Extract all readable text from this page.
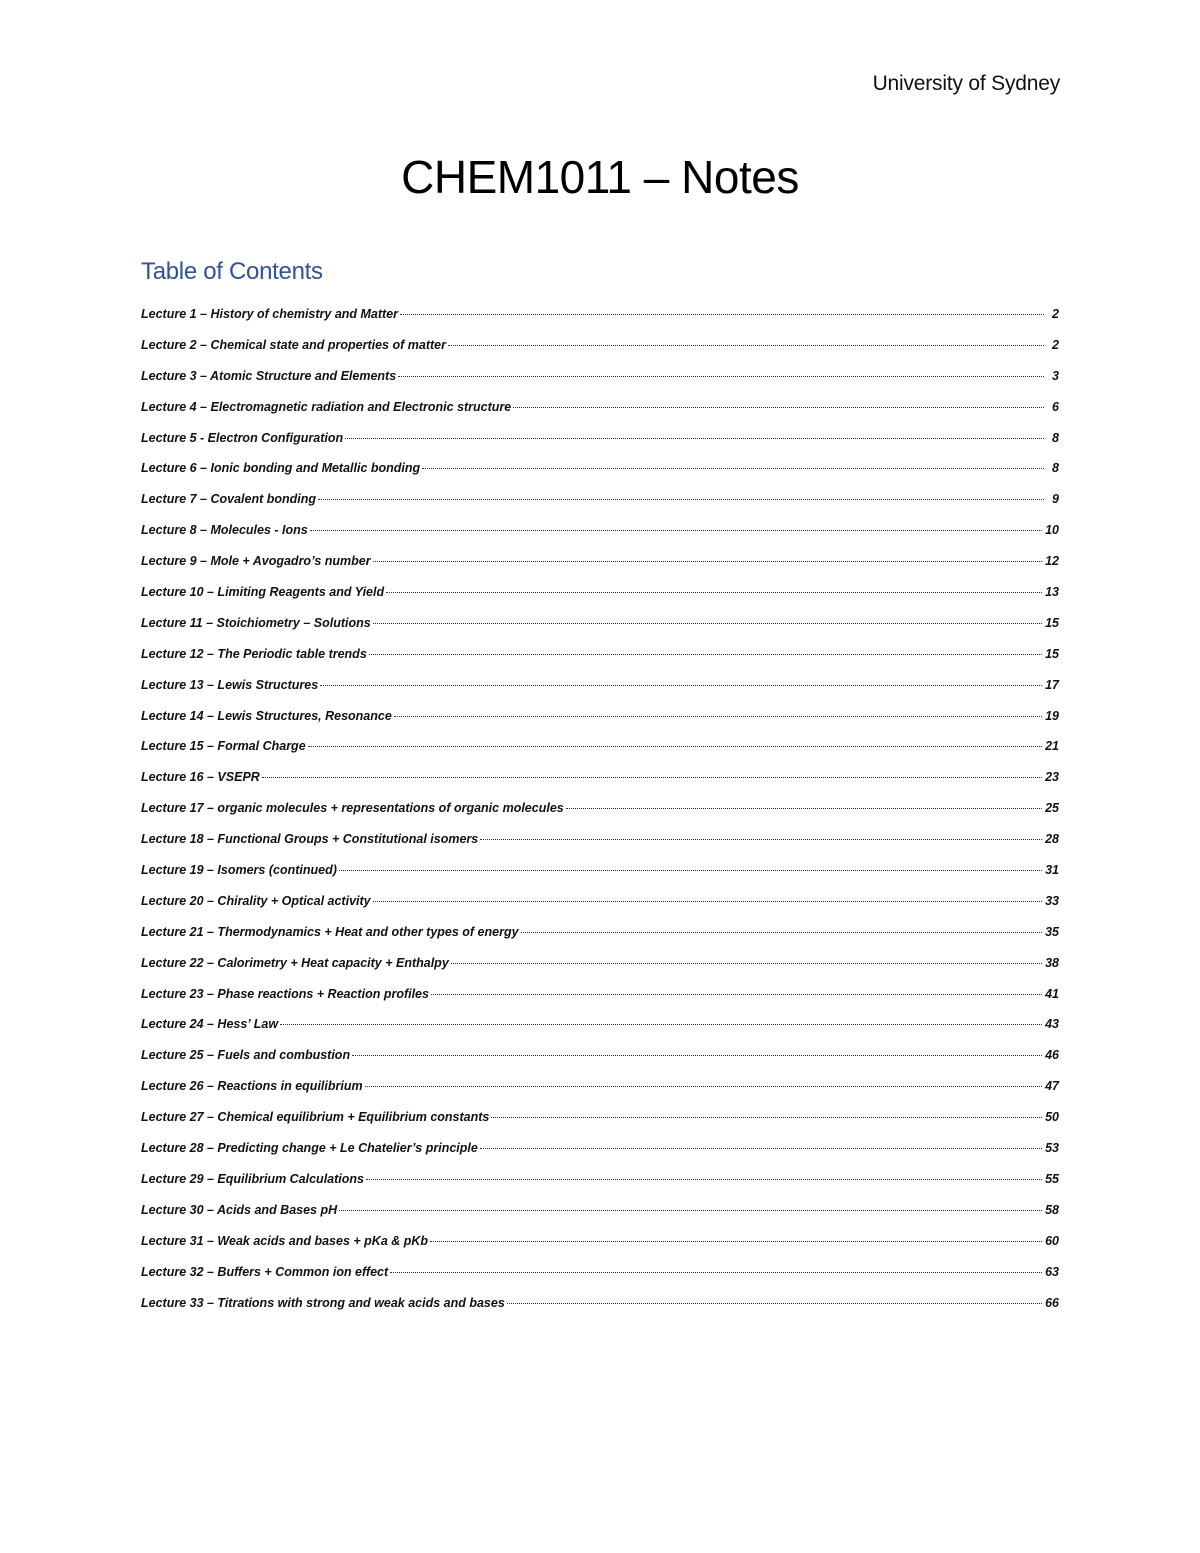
University of Sydney
CHEM1011 – Notes
Table of Contents
Lecture 1 – History of chemistry and Matter	2
Lecture 2 – Chemical state and properties of matter	2
Lecture 3 – Atomic Structure and Elements	3
Lecture 4 – Electromagnetic radiation and Electronic structure	6
Lecture 5 - Electron Configuration	8
Lecture 6 – Ionic bonding and Metallic bonding	8
Lecture 7 – Covalent bonding	9
Lecture 8 – Molecules - Ions	10
Lecture 9 – Mole + Avogadro’s number	12
Lecture 10 – Limiting Reagents and Yield	13
Lecture 11 – Stoichiometry – Solutions	15
Lecture 12 – The Periodic table trends	15
Lecture 13 – Lewis Structures	17
Lecture 14 – Lewis Structures, Resonance	19
Lecture 15 – Formal Charge	21
Lecture 16 – VSEPR	23
Lecture 17 – organic molecules + representations of organic molecules	25
Lecture 18 – Functional Groups + Constitutional isomers	28
Lecture 19 – Isomers (continued)	31
Lecture 20 – Chirality + Optical activity	33
Lecture 21 – Thermodynamics + Heat and other types of energy	35
Lecture 22 – Calorimetry + Heat capacity + Enthalpy	38
Lecture 23 – Phase reactions + Reaction profiles	41
Lecture 24 – Hess’ Law	43
Lecture 25 – Fuels and combustion	46
Lecture 26 – Reactions in equilibrium	47
Lecture 27 – Chemical equilibrium + Equilibrium constants	50
Lecture 28 – Predicting change + Le Chatelier’s principle	53
Lecture 29 – Equilibrium Calculations	55
Lecture 30 – Acids and Bases pH	58
Lecture 31 – Weak acids and bases + pKa & pKb	60
Lecture 32 – Buffers + Common ion effect	63
Lecture 33 – Titrations with strong and weak acids and bases	66
